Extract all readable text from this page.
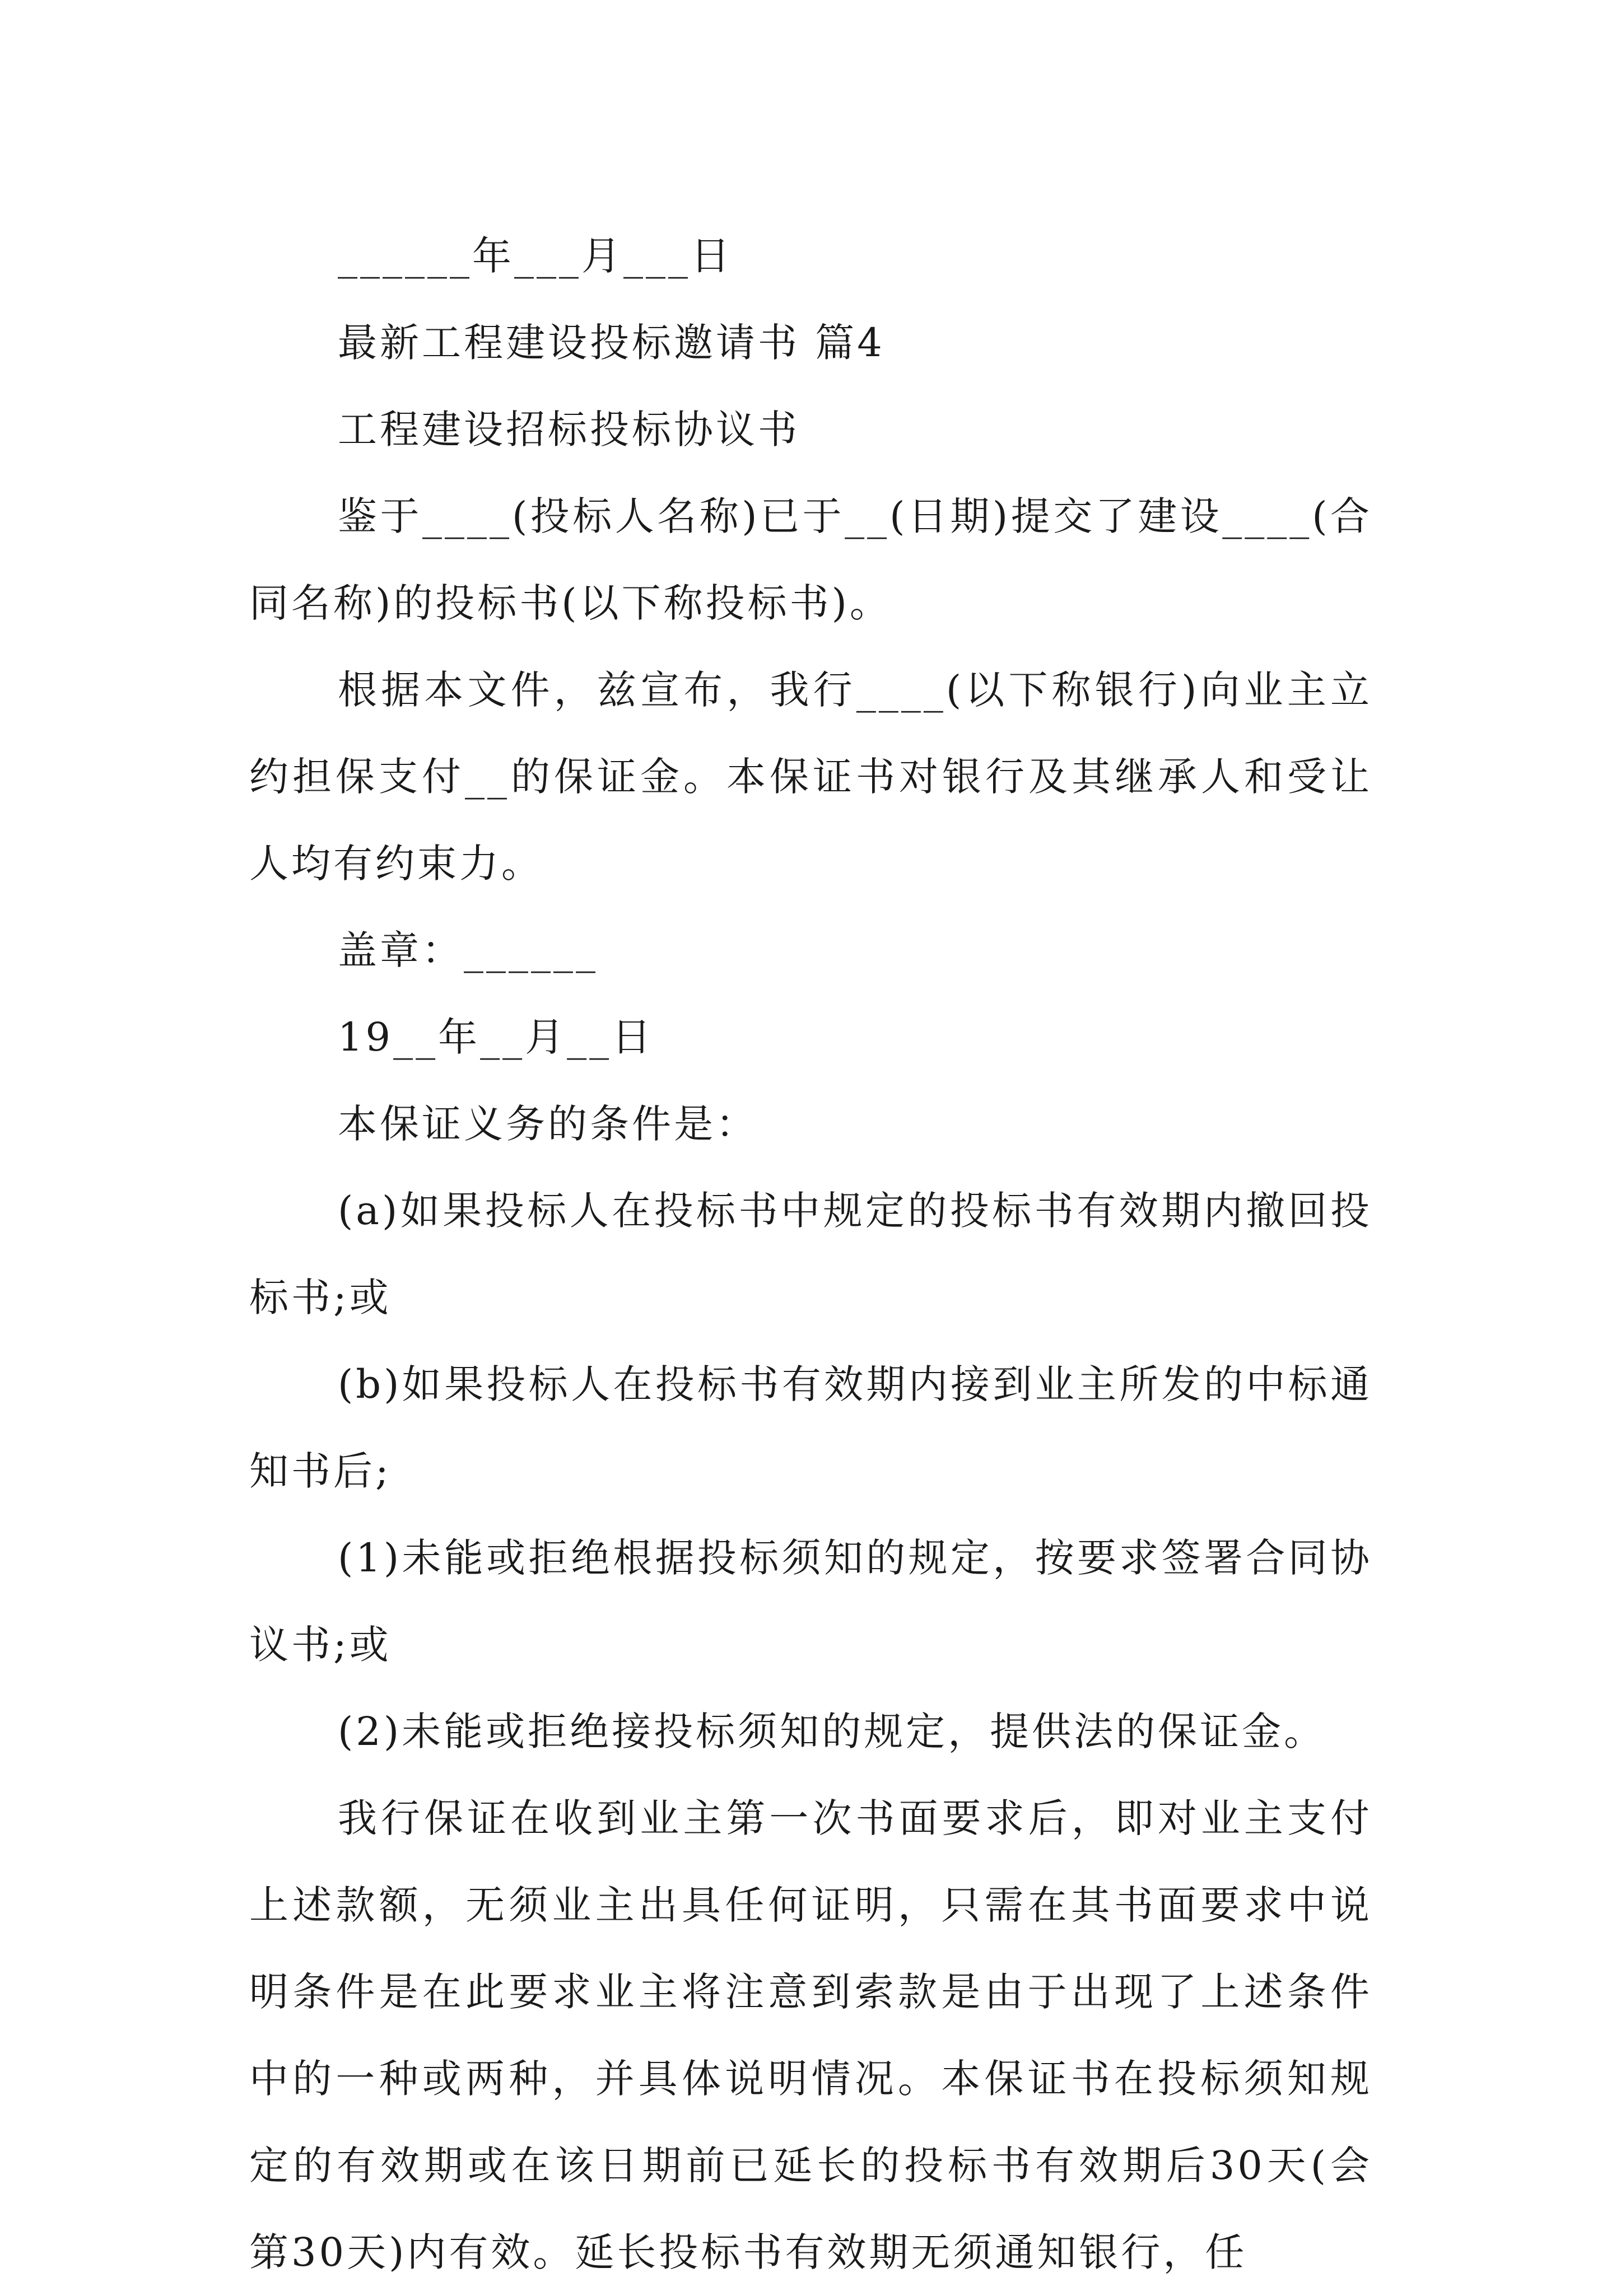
______年___月___日
最新工程建设投标邀请书 篇4
工程建设招标投标协议书

鉴于____(投标人名称)已于__(日期)提交了建设____(合同名称)的投标书(以下称投标书)。

根据本文件，兹宣布，我行____(以下称银行)向业主立约担保支付__的保证金。本保证书对银行及其继承人和受让人均有约束力。

盖章：______
19__年__月__日
本保证义务的条件是：

(a)如果投标人在投标书中规定的投标书有效期内撤回投标书;或

(b)如果投标人在投标书有效期内接到业主所发的中标通知书后;

(1)未能或拒绝根据投标须知的规定，按要求签署合同协议书;或

(2)未能或拒绝接投标须知的规定，提供法的保证金。

我行保证在收到业主第一次书面要求后，即对业主支付上述款额，无须业主出具任何证明，只需在其书面要求中说明条件是在此要求业主将注意到索款是由于出现了上述条件中的一种或两种，并具体说明情况。本保证书在投标须知规定的有效期或在该日期前已延长的投标书有效期后30天(会第30天)内有效。延长投标书有效期无须通知银行，任
